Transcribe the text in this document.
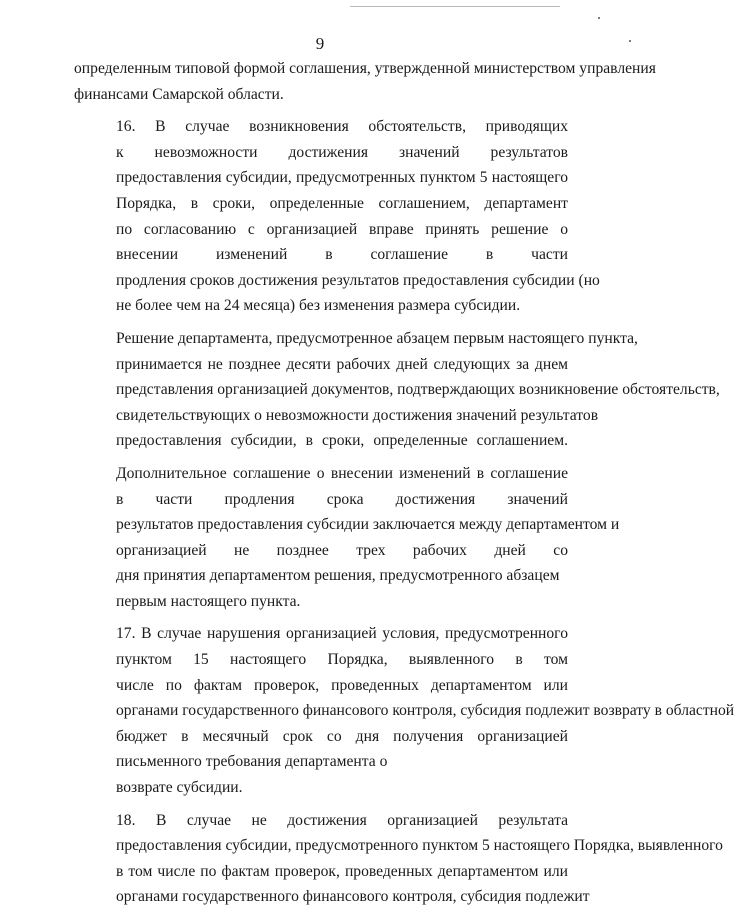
9

определенным типовой формой соглашения, утвержденной министерством управления
финансами Самарской области.

16. В случае возникновения обстоятельств, приводящих
к невозможности достижения значений результатов
предоставления субсидии, предусмотренных пунктом 5 настоящего
Порядка, в сроки, определенные соглашением, департамент
по согласованию с организацией вправе принять решение о
внесении изменений в соглашение в части
продления сроков достижения результатов предоставления субсидии (но
не более чем на 24 месяца) без изменения размера субсидии.

Решение департамента, предусмотренное абзацем первым настоящего пункта,
принимается не позднее десяти рабочих дней следующих за днем
представления организацией документов, подтверждающих возникновение обстоятельств,
свидетельствующих о невозможности достижения значений результатов
предоставления субсидии, в сроки, определенные соглашением.

Дополнительное соглашение о внесении изменений в соглашение
в части продления срока достижения значений
результатов предоставления субсидии заключается между департаментом и
организацией не позднее трех рабочих дней со
дня принятия департаментом решения, предусмотренного абзацем
первым настоящего пункта.

17. В случае нарушения организацией условия, предусмотренного
пунктом 15 настоящего Порядка, выявленного в том
числе по фактам проверок, проведенных департаментом или
органами государственного финансового контроля, субсидия подлежит возврату в областной
бюджет в месячный срок со дня получения организацией
письменного требования департамента о
возврате субсидии.

18. В случае не достижения организацией результата
предоставления субсидии, предусмотренного пунктом 5 настоящего Порядка, выявленного
в том числе по фактам проверок, проведенных департаментом или
органами государственного финансового контроля, субсидия подлежит
